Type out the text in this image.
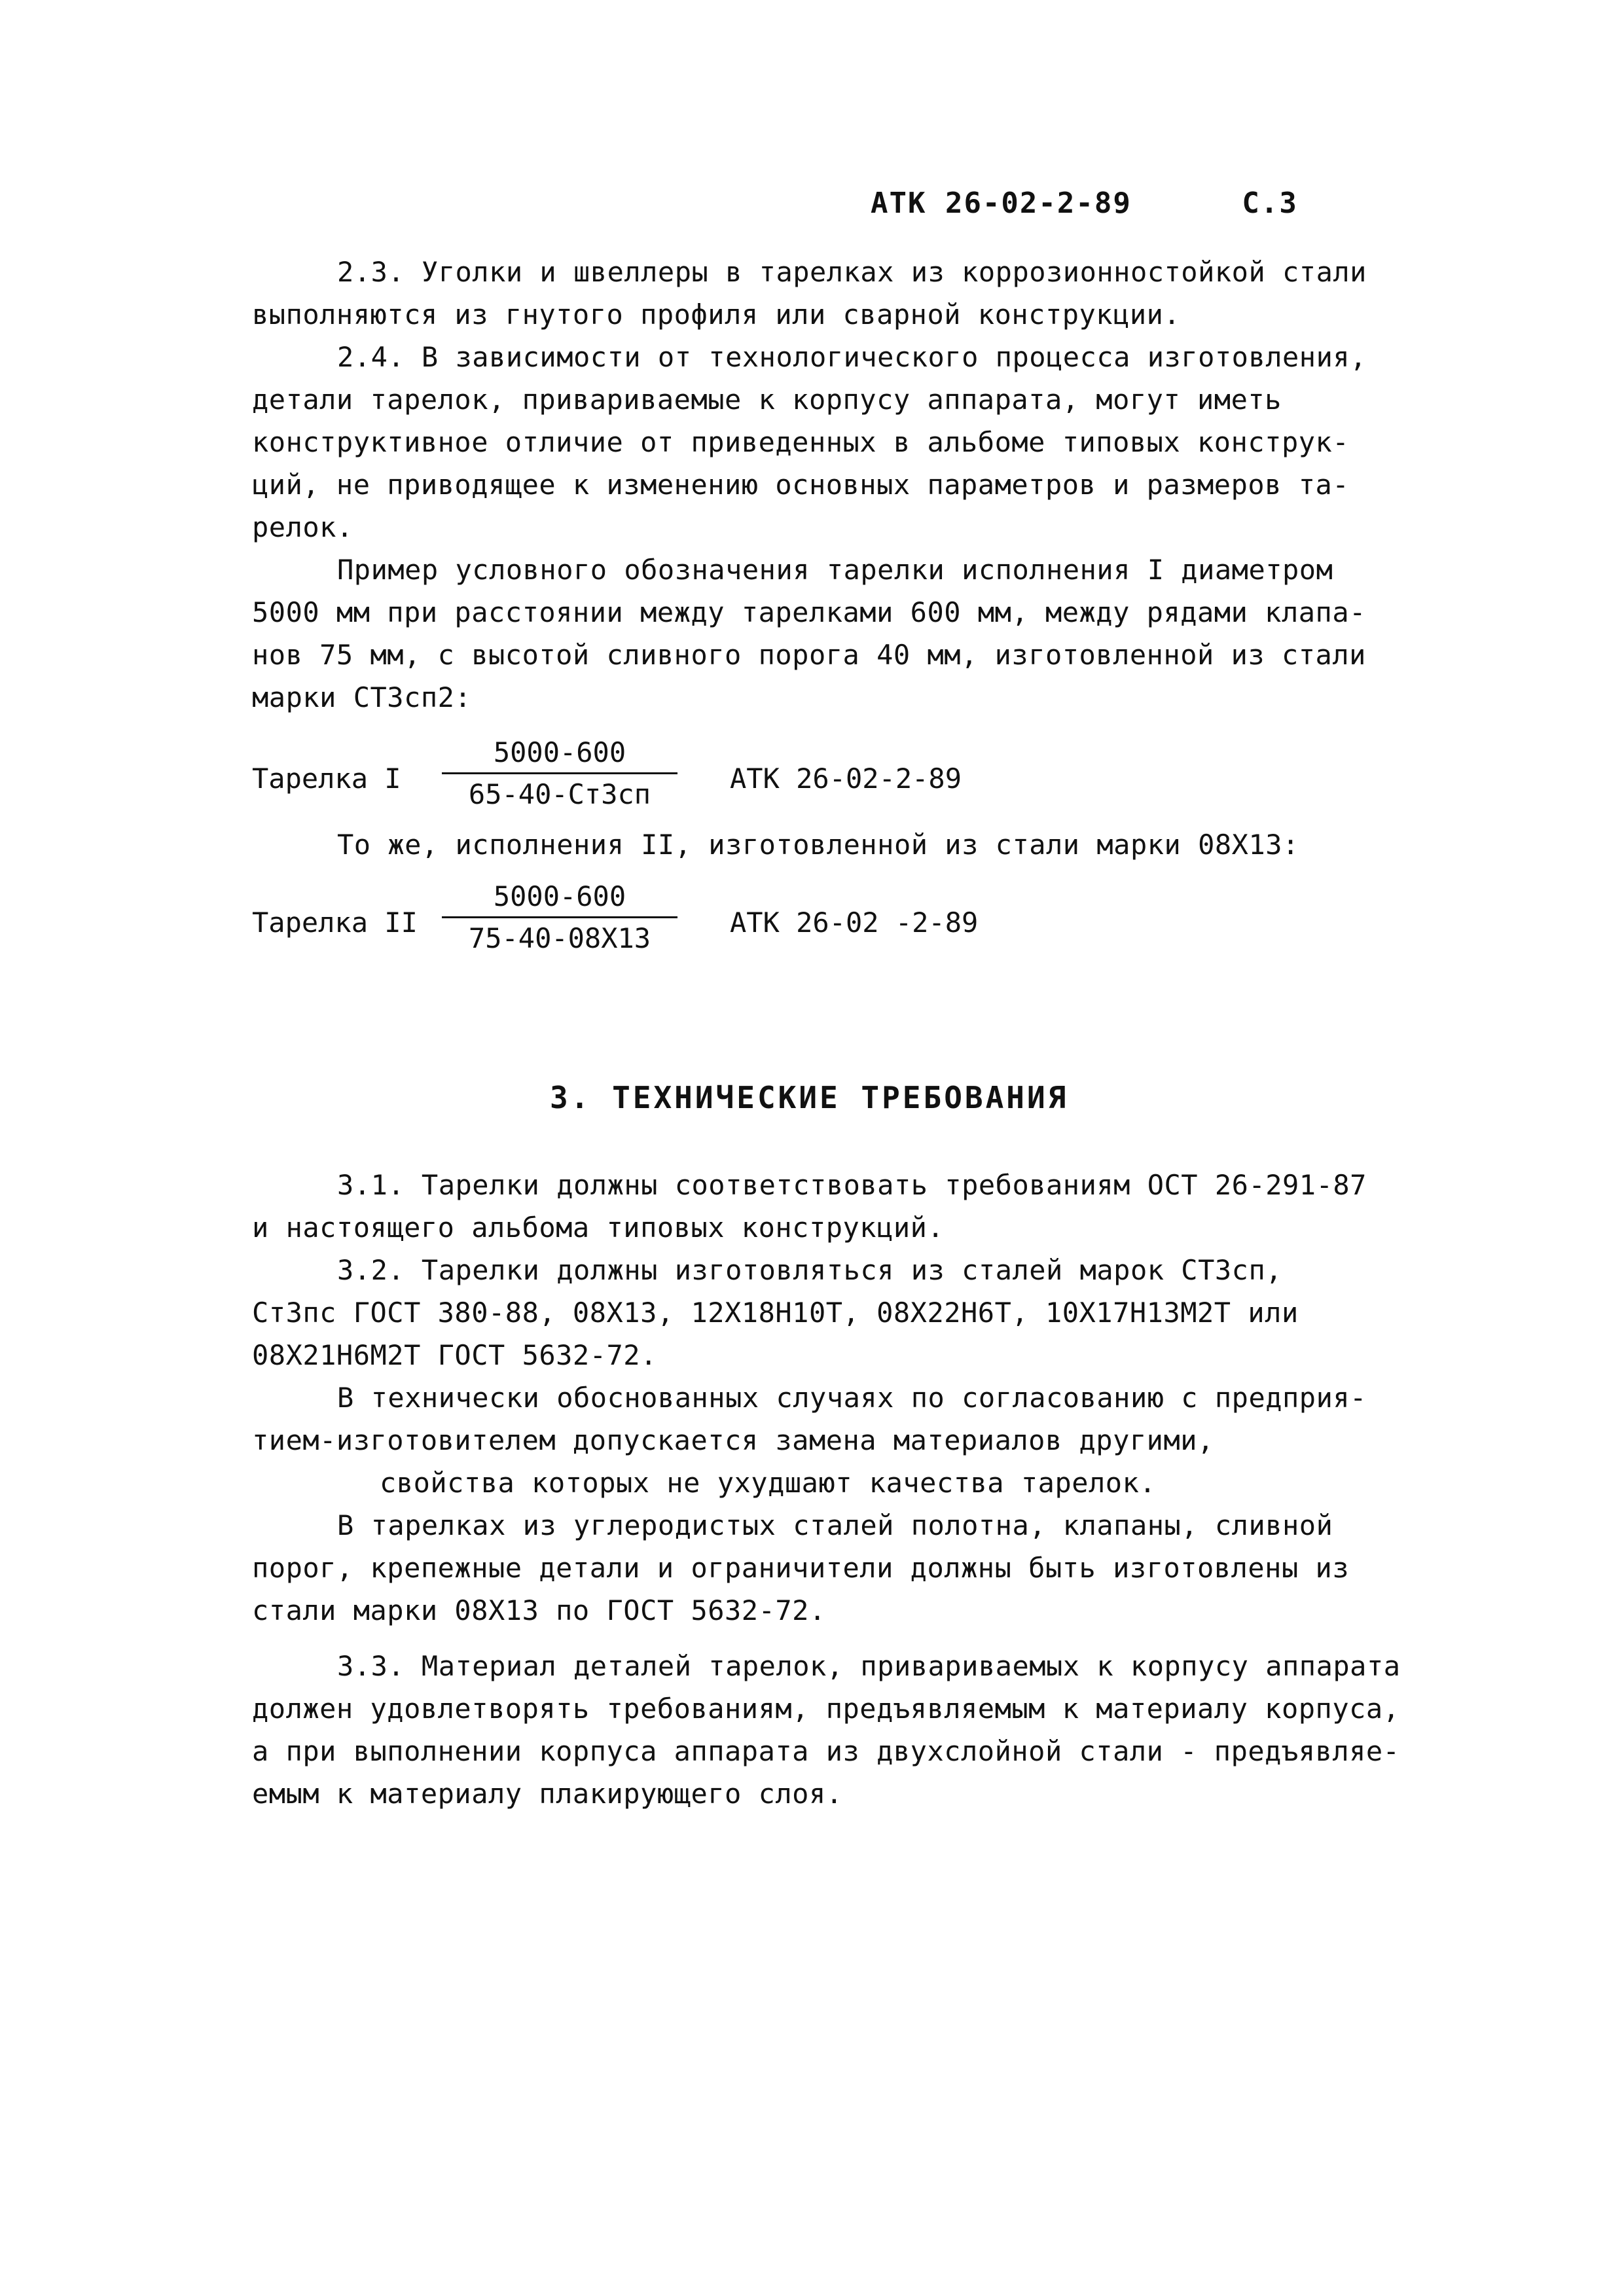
АТК 26-02-2-89	С.3
2.3. Уголки и швеллеры в тарелках из коррозионностойкой стали
выполняются из гнутого профиля или сварной конструкции.
2.4. В зависимости от технологического процесса изготовления,
детали тарелок, привариваемые к корпусу аппарата, могут иметь
конструктивное отличие от приведенных в альбоме типовых конструк-
ций, не приводящее к изменению основных параметров и размеров та-
релок.
Пример условного обозначения тарелки исполнения I диаметром
5000 мм при расстоянии между тарелками 600 мм, между рядами клапа-
нов 75 мм, с высотой сливного порога 40 мм, изготовленной из стали
марки СТ3сп2:
Тарелка I
5000-600
65-40-Ст3сп	АТК 26-02-2-89
То же, исполнения II, изготовленной из стали марки 08Х13:
Тарелка II
5000-600
75-40-08Х13	АТК 26-02 -2-89
3. ТЕХНИЧЕСКИЕ ТРЕБОВАНИЯ
3.1. Тарелки должны соответствовать требованиям ОСТ 26-291-87
и настоящего альбома типовых конструкций.
3.2. Тарелки должны изготовляться из сталей марок СТ3сп,
Ст3пс ГОСТ 380-88, 08Х13, 12Х18Н10Т, 08Х22Н6Т, 10Х17Н13М2Т или
08Х21Н6М2Т ГОСТ 5632-72.
В технически обоснованных случаях по согласованию с предприя-
тием-изготовителем допускается замена материалов другими,
свойства которых не ухудшают качества тарелок.
В тарелках из углеродистых сталей полотна, клапаны, сливной
порог, крепежные детали и ограничители должны быть изготовлены из
стали марки 08Х13 по ГОСТ 5632-72.
3.3. Материал деталей тарелок, привариваемых к корпусу аппарата
должен удовлетворять требованиям, предъявляемым к материалу корпуса,
а при выполнении корпуса аппарата из двухслойной стали - предъявляе-
емым к материалу плакирующего слоя.
